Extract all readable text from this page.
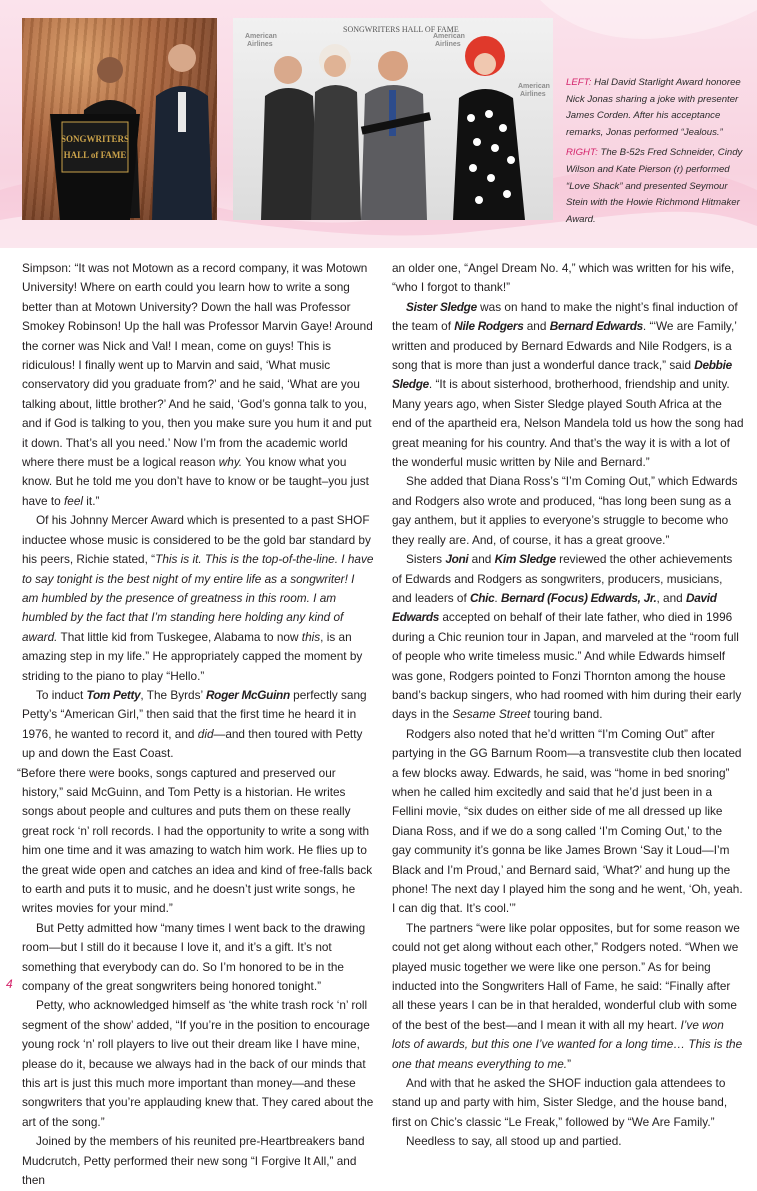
SONGWRITERS
HALL of FAME
American
Airlines
American
Airlines
American
Airlines
SONGWRITERS HALL OF FAME

LEFT: Hal David Starlight Award honoree Nick Jonas sharing a joke with presenter James Corden. After his acceptance remarks, Jonas performed “Jealous.”

RIGHT: The B-52s Fred Schneider, Cindy Wilson and Kate Pierson (r) performed “Love Shack” and presented Seymour Stein with the Howie Richmond Hitmaker Award.

Simpson: “It was not Motown as a record company, it was Motown University! Where on earth could you learn how to write a song better than at Motown University? Down the hall was Professor Smokey Robinson! Up the hall was Professor Marvin Gaye! Around the corner was Nick and Val! I mean, come on guys! This is ridiculous! I finally went up to Marvin and said, ‘What music conservatory did you graduate from?’ and he said, ‘What are you talking about, little brother?’ And he said, ‘God’s gonna talk to you, and if God is talking to you, then you make sure you hum it and put it down. That’s all you need.’ Now I’m from the academic world where there must be a logical reason why. You know what you know. But he told me you don’t have to know or be taught–you just have to feel it.”

Of his Johnny Mercer Award which is presented to a past SHOF inductee whose music is considered to be the gold bar standard by his peers, Richie stated, “This is it. This is the top-of-the-line. I have to say tonight is the best night of my entire life as a songwriter! I am humbled by the presence of greatness in this room. I am humbled by the fact that I’m standing here holding any kind of award. That little kid from Tuskegee, Alabama to now this, is an amazing step in my life.” He appropriately capped the moment by striding to the piano to play “Hello.”

To induct Tom Petty, The Byrds’ Roger McGuinn perfectly sang Petty’s “American Girl,” then said that the first time he heard it in 1976, he wanted to record it, and did—and then toured with Petty up and down the East Coast.

“Before there were books, songs captured and preserved our history,” said McGuinn, and Tom Petty is a historian. He writes songs about people and cultures and puts them on these really great rock ‘n’ roll records. I had the opportunity to write a song with him one time and it was amazing to watch him work. He flies up to the great wide open and catches an idea and kind of free-falls back to earth and puts it to music, and he doesn’t just write songs, he writes movies for your mind.”

But Petty admitted how “many times I went back to the drawing room—but I still do it because I love it, and it’s a gift. It’s not something that everybody can do. So I’m honored to be in the company of the great songwriters being honored tonight.”

Petty, who acknowledged himself as ‘the white trash rock ‘n’ roll segment of the show’ added, “If you’re in the position to encourage young rock ‘n’ roll players to live out their dream like I have mine, please do it, because we always had in the back of our minds that this art is just this much more important than money—and these songwriters that you’re applauding knew that. They cared about the art of the song.”

Joined by the members of his reunited pre-Heartbreakers band Mudcrutch, Petty performed their new song “I Forgive It All,” and then

an older one, “Angel Dream No. 4,” which was written for his wife, “who I forgot to thank!”

Sister Sledge was on hand to make the night’s final induction of the team of Nile Rodgers and Bernard Edwards. “‘We are Family,’ written and produced by Bernard Edwards and Nile Rodgers, is a song that is more than just a wonderful dance track,” said Debbie Sledge. “It is about sisterhood, brotherhood, friendship and unity. Many years ago, when Sister Sledge played South Africa at the end of the apartheid era, Nelson Mandela told us how the song had great meaning for his country. And that’s the way it is with a lot of the wonderful music written by Nile and Bernard.”

She added that Diana Ross’s “I’m Coming Out,” which Edwards and Rodgers also wrote and produced, “has long been sung as a gay anthem, but it applies to everyone’s struggle to become who they really are. And, of course, it has a great groove.”

Sisters Joni and Kim Sledge reviewed the other achievements of Edwards and Rodgers as songwriters, producers, musicians, and leaders of Chic. Bernard (Focus) Edwards, Jr., and David Edwards accepted on behalf of their late father, who died in 1996 during a Chic reunion tour in Japan, and marveled at the “room full of people who write timeless music.” And while Edwards himself was gone, Rodgers pointed to Fonzi Thornton among the house band’s backup singers, who had roomed with him during their early days in the Sesame Street touring band.

Rodgers also noted that he’d written “I’m Coming Out” after partying in the GG Barnum Room—a transvestite club then located a few blocks away. Edwards, he said, was “home in bed snoring” when he called him excitedly and said that he’d just been in a Fellini movie, “six dudes on either side of me all dressed up like Diana Ross, and if we do a song called ‘I’m Coming Out,’ to the gay community it’s gonna be like James Brown ‘Say it Loud—I’m Black and I’m Proud,’ and Bernard said, ‘What?’ and hung up the phone! The next day I played him the song and he went, ‘Oh, yeah. I can dig that. It’s cool.’”

The partners “were like polar opposites, but for some reason we could not get along without each other,” Rodgers noted. “When we played music together we were like one person.” As for being inducted into the Songwriters Hall of Fame, he said: “Finally after all these years I can be in that heralded, wonderful club with some of the best of the best—and I mean it with all my heart. I’ve won lots of awards, but this one I’ve wanted for a long time… This is the one that means everything to me.”

And with that he asked the SHOF induction gala attendees to stand up and party with him, Sister Sledge, and the house band, first on Chic’s classic “Le Freak,” followed by “We Are Family.”

Needless to say, all stood up and partied.

4
